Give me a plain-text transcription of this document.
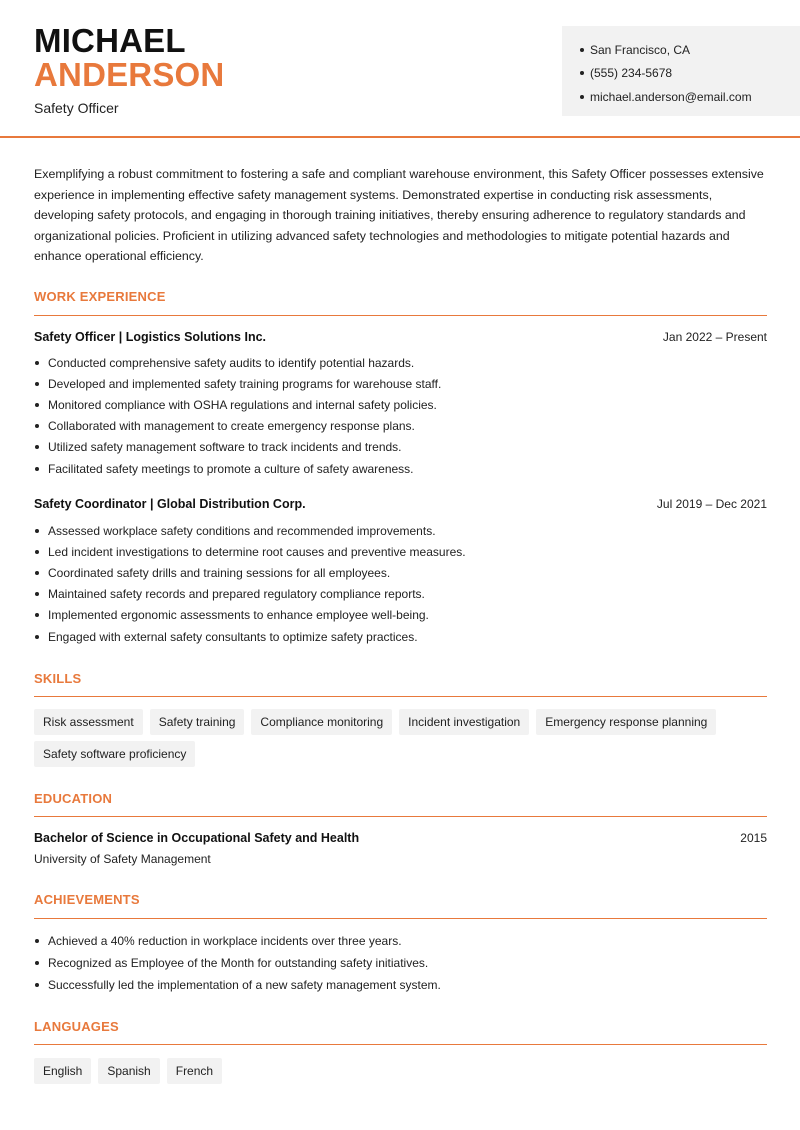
MICHAEL
ANDERSON
Safety Officer
San Francisco, CA
(555) 234-5678
michael.anderson@email.com

Exemplifying a robust commitment to fostering a safe and compliant warehouse environment, this Safety Officer possesses extensive experience in implementing effective safety management systems. Demonstrated expertise in conducting risk assessments, developing safety protocols, and engaging in thorough training initiatives, thereby ensuring adherence to regulatory standards and organizational policies. Proficient in utilizing advanced safety technologies and methodologies to mitigate potential hazards and enhance operational efficiency.

WORK EXPERIENCE
Safety Officer | Logistics Solutions Inc.	Jan 2022 – Present
Conducted comprehensive safety audits to identify potential hazards.
Developed and implemented safety training programs for warehouse staff.
Monitored compliance with OSHA regulations and internal safety policies.
Collaborated with management to create emergency response plans.
Utilized safety management software to track incidents and trends.
Facilitated safety meetings to promote a culture of safety awareness.
Safety Coordinator | Global Distribution Corp.	Jul 2019 – Dec 2021
Assessed workplace safety conditions and recommended improvements.
Led incident investigations to determine root causes and preventive measures.
Coordinated safety drills and training sessions for all employees.
Maintained safety records and prepared regulatory compliance reports.
Implemented ergonomic assessments to enhance employee well-being.
Engaged with external safety consultants to optimize safety practices.
SKILLS
Risk assessment	Safety training	Compliance monitoring	Incident investigation	Emergency response planning
Safety software proficiency
EDUCATION
Bachelor of Science in Occupational Safety and Health	2015
University of Safety Management
ACHIEVEMENTS
Achieved a 40% reduction in workplace incidents over three years.
Recognized as Employee of the Month for outstanding safety initiatives.
Successfully led the implementation of a new safety management system.
LANGUAGES
English	Spanish	French
